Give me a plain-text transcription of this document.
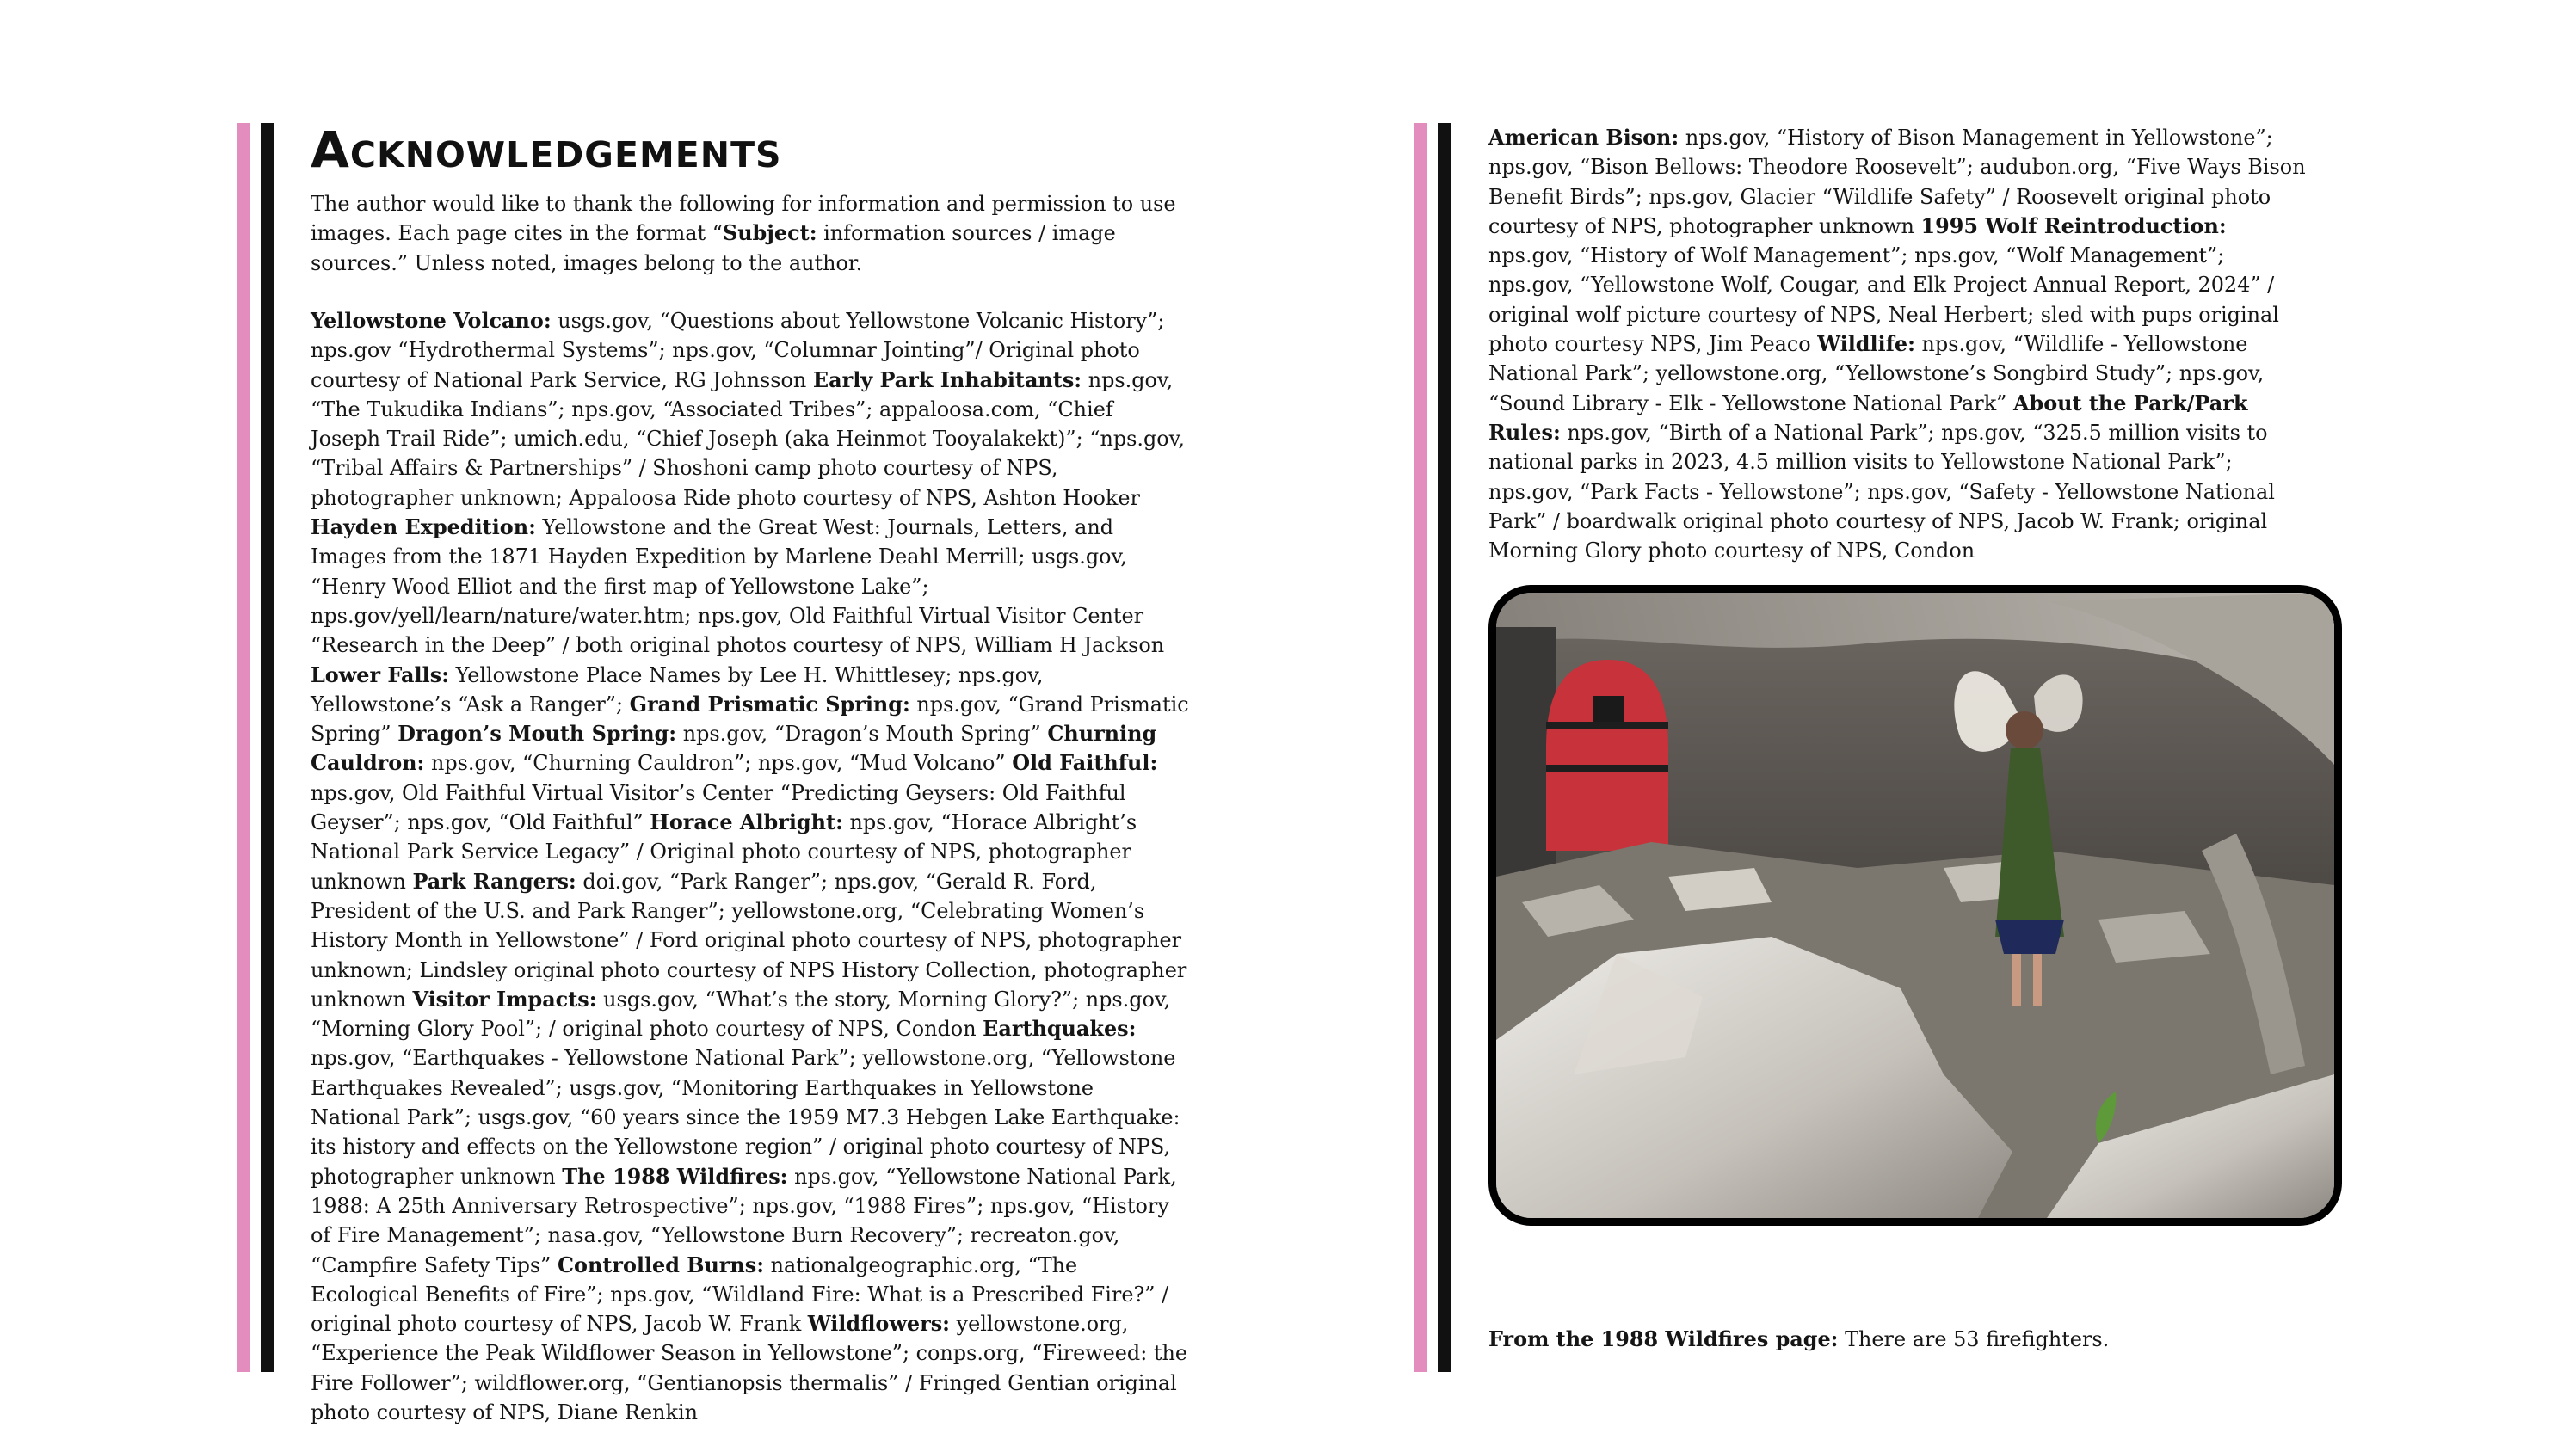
Acknowledgements

The author would like to thank the following for information and permission to use images. Each page cites in the format “Subject: information sources / image sources.” Unless noted, images belong to the author.

Yellowstone Volcano: usgs.gov, “Questions about Yellowstone Volcanic History”; nps.gov “Hydrothermal Systems”; nps.gov, “Columnar Jointing”/ Original photo courtesy of National Park Service, RG Johnsson Early Park Inhabitants: nps.gov, “The Tukudika Indians”; nps.gov, “Associated Tribes”; appaloosa.com, “Chief Joseph Trail Ride”; umich.edu, “Chief Joseph (aka Heinmot Tooyalakekt)”; “nps.gov, “Tribal Affairs & Partnerships” / Shoshoni camp photo courtesy of NPS, photographer unknown; Appaloosa Ride photo courtesy of NPS, Ashton Hooker Hayden Expedition: Yellowstone and the Great West: Journals, Letters, and Images from the 1871 Hayden Expedition by Marlene Deahl Merrill; usgs.gov, “Henry Wood Elliot and the first map of Yellowstone Lake”; nps.gov/yell/learn/nature/water.htm; nps.gov, Old Faithful Virtual Visitor Center “Research in the Deep” / both original photos courtesy of NPS, William H Jackson Lower Falls: Yellowstone Place Names by Lee H. Whittlesey; nps.gov, Yellowstone’s “Ask a Ranger”; Grand Prismatic Spring: nps.gov, “Grand Prismatic Spring” Dragon’s Mouth Spring: nps.gov, “Dragon’s Mouth Spring” Churning Cauldron: nps.gov, “Churning Cauldron”; nps.gov, “Mud Volcano” Old Faithful: nps.gov, Old Faithful Virtual Visitor’s Center “Predicting Geysers: Old Faithful Geyser”; nps.gov, “Old Faithful” Horace Albright: nps.gov, “Horace Albright’s National Park Service Legacy” / Original photo courtesy of NPS, photographer unknown Park Rangers: doi.gov, “Park Ranger”; nps.gov, “Gerald R. Ford, President of the U.S. and Park Ranger”; yellowstone.org, “Celebrating Women’s History Month in Yellowstone” / Ford original photo courtesy of NPS, photographer unknown; Lindsley original photo courtesy of NPS History Collection, photographer unknown Visitor Impacts: usgs.gov, “What’s the story, Morning Glory?”; nps.gov, “Morning Glory Pool”; / original photo courtesy of NPS, Condon Earthquakes: nps.gov, “Earthquakes - Yellowstone National Park”; yellowstone.org, “Yellowstone Earthquakes Revealed”; usgs.gov, “Monitoring Earthquakes in Yellowstone National Park”; usgs.gov, “60 years since the 1959 M7.3 Hebgen Lake Earthquake: its history and effects on the Yellowstone region” / original photo courtesy of NPS, photographer unknown The 1988 Wildfires: nps.gov, “Yellowstone National Park, 1988: A 25th Anniversary Retrospective”; nps.gov, “1988 Fires”; nps.gov, “History of Fire Management”; nasa.gov, “Yellowstone Burn Recovery”; recreaton.gov, “Campfire Safety Tips” Controlled Burns: nationalgeographic.org, “The Ecological Benefits of Fire”; nps.gov, “Wildland Fire: What is a Prescribed Fire?” / original photo courtesy of NPS, Jacob W. Frank Wildflowers: yellowstone.org, “Experience the Peak Wildflower Season in Yellowstone”; conps.org, “Fireweed: the Fire Follower”; wildflower.org, “Gentianopsis thermalis” / Fringed Gentian original photo courtesy of NPS, Diane Renkin

American Bison: nps.gov, “History of Bison Management in Yellowstone”; nps.gov, “Bison Bellows: Theodore Roosevelt”; audubon.org, “Five Ways Bison Benefit Birds”; nps.gov, Glacier “Wildlife Safety” / Roosevelt original photo courtesy of NPS, photographer unknown 1995 Wolf Reintroduction: nps.gov, “History of Wolf Management”; nps.gov, “Wolf Management”; nps.gov, “Yellowstone Wolf, Cougar, and Elk Project Annual Report, 2024” / original wolf picture courtesy of NPS, Neal Herbert; sled with pups original photo courtesy NPS, Jim Peaco Wildlife: nps.gov, “Wildlife - Yellowstone National Park”; yellowstone.org, “Yellowstone’s Songbird Study”; nps.gov, “Sound Library - Elk - Yellowstone National Park” About the Park/Park Rules: nps.gov, “Birth of a National Park”; nps.gov, “325.5 million visits to national parks in 2023, 4.5 million visits to Yellowstone National Park”; nps.gov, “Park Facts - Yellowstone”; nps.gov, “Safety - Yellowstone National Park” / boardwalk original photo courtesy of NPS, Jacob W. Frank; original Morning Glory photo courtesy of NPS, Condon

From the 1988 Wildfires page: There are 53 firefighters.
